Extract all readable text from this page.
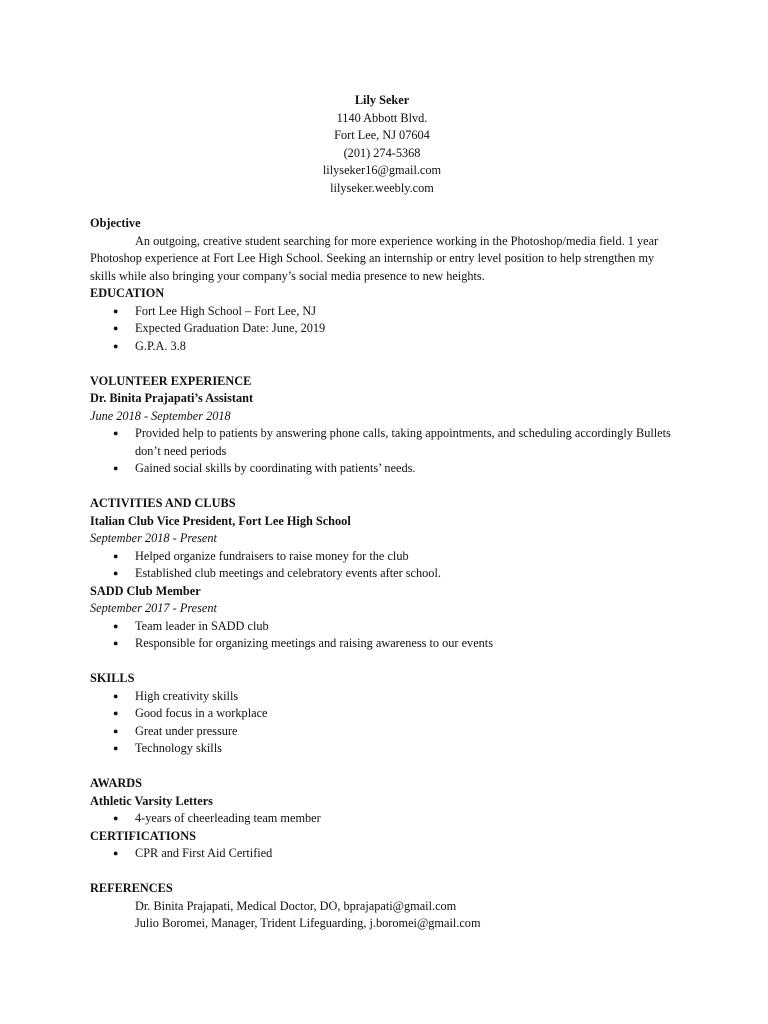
Lily Seker
1140 Abbott Blvd.
Fort Lee, NJ 07604
(201) 274-5368
lilyseker16@gmail.com
lilyseker.weebly.com
Objective
An outgoing, creative student searching for more experience working in the Photoshop/media field. 1 year Photoshop experience at Fort Lee High School. Seeking an internship or entry level position to help strengthen my skills while also bringing your company’s social media presence to new heights.
EDUCATION
● Fort Lee High School – Fort Lee, NJ
● Expected Graduation Date: June, 2019
● G.P.A. 3.8
VOLUNTEER EXPERIENCE
Dr. Binita Prajapati’s Assistant
June 2018 - September 2018
● Provided help to patients by answering phone calls, taking appointments, and scheduling accordingly Bullets don’t need periods
● Gained social skills by coordinating with patients’ needs.
ACTIVITIES AND CLUBS
Italian Club Vice President, Fort Lee High School
September 2018 - Present
● Helped organize fundraisers to raise money for the club
● Established club meetings and celebratory events after school.
SADD Club Member
September 2017 - Present
● Team leader in SADD club
● Responsible for organizing meetings and raising awareness to our events
SKILLS
● High creativity skills
● Good focus in a workplace
● Great under pressure
● Technology skills
AWARDS
Athletic Varsity Letters
● 4-years of cheerleading team member
CERTIFICATIONS
● CPR and First Aid Certified
REFERENCES
Dr. Binita Prajapati, Medical Doctor, DO, bprajapati@gmail.com
Julio Boromei, Manager, Trident Lifeguarding, j.boromei@gmail.com
